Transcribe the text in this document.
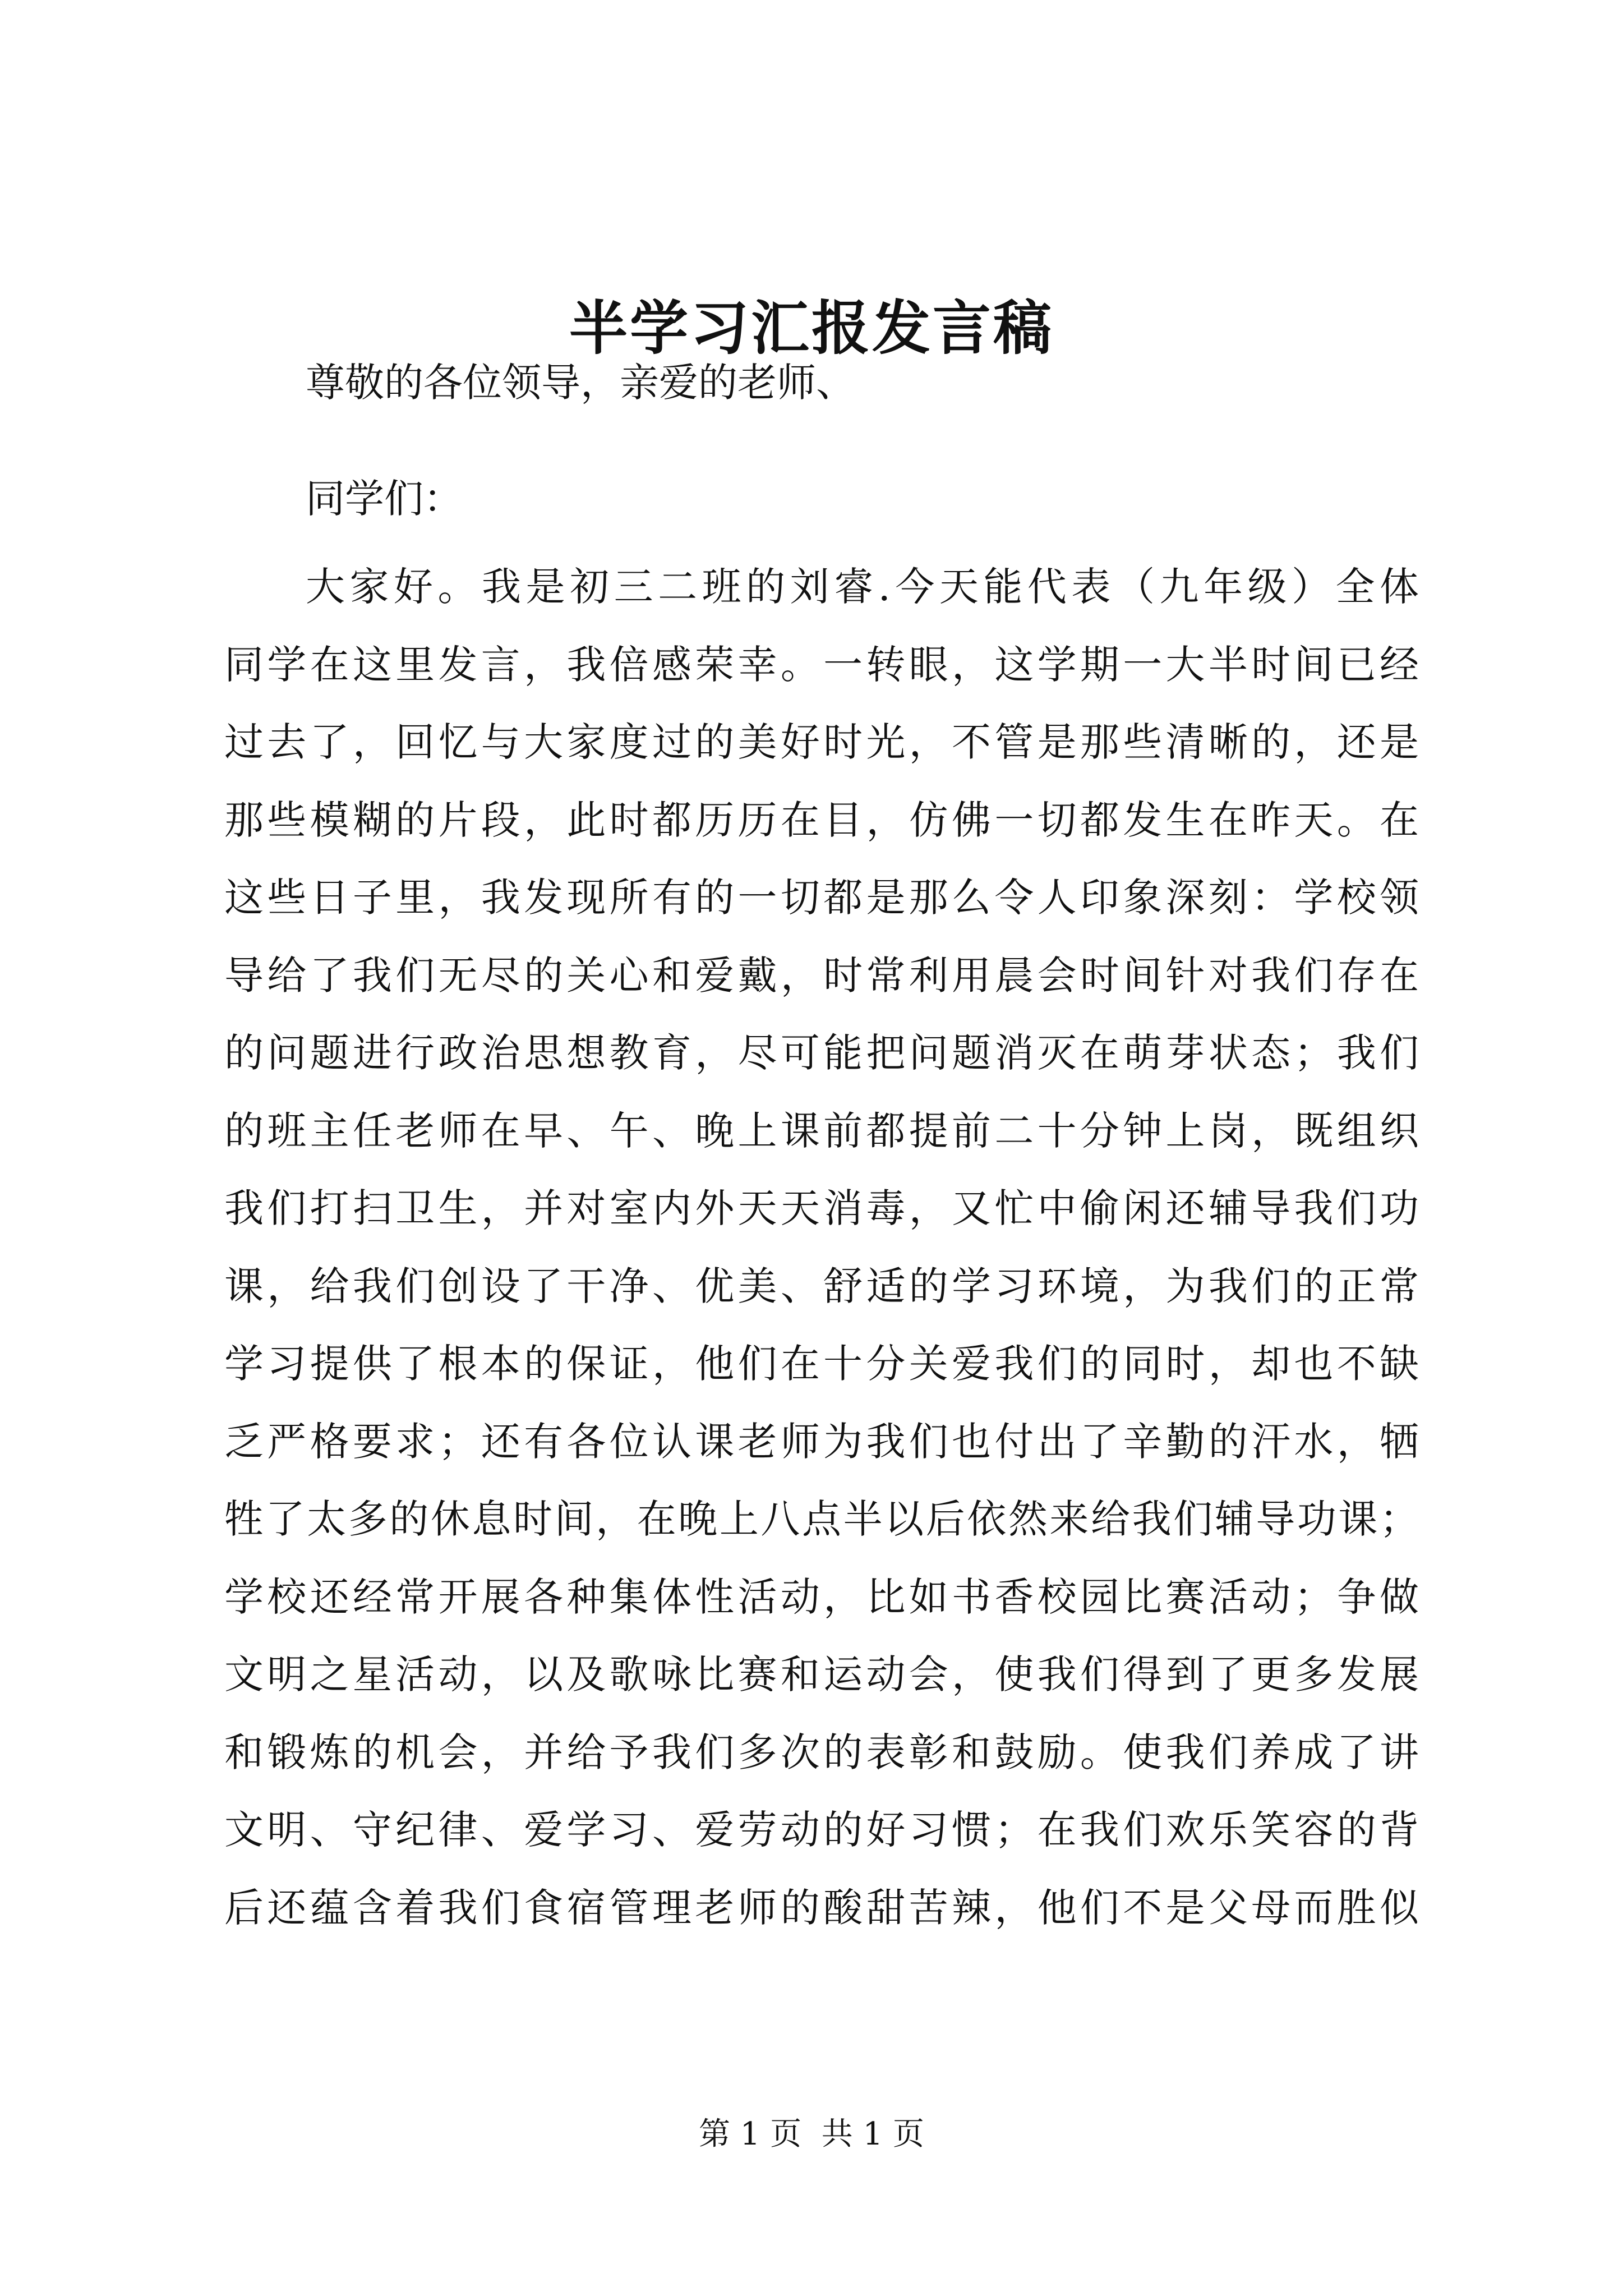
半学习汇报发言稿
尊敬的各位领导，亲爱的老师、
同学们：
大家好。我是初三二班的刘睿.今天能代表（九年级）全体
同学在这里发言，我倍感荣幸。一转眼，这学期一大半时间已经
过去了，回忆与大家度过的美好时光，不管是那些清晰的，还是
那些模糊的片段，此时都历历在目，仿佛一切都发生在昨天。在
这些日子里，我发现所有的一切都是那么令人印象深刻：学校领
导给了我们无尽的关心和爱戴，时常利用晨会时间针对我们存在
的问题进行政治思想教育，尽可能把问题消灭在萌芽状态；我们
的班主任老师在早、午、晚上课前都提前二十分钟上岗，既组织
我们打扫卫生，并对室内外天天消毒，又忙中偷闲还辅导我们功
课，给我们创设了干净、优美、舒适的学习环境，为我们的正常
学习提供了根本的保证，他们在十分关爱我们的同时，却也不缺
乏严格要求；还有各位认课老师为我们也付出了辛勤的汗水，牺
牲了太多的休息时间，在晚上八点半以后依然来给我们辅导功课；
学校还经常开展各种集体性活动，比如书香校园比赛活动；争做
文明之星活动，以及歌咏比赛和运动会，使我们得到了更多发展
和锻炼的机会，并给予我们多次的表彰和鼓励。使我们养成了讲
文明、守纪律、爱学习、爱劳动的好习惯；在我们欢乐笑容的背
后还蕴含着我们食宿管理老师的酸甜苦辣，他们不是父母而胜似
第 1 页  共 1 页
